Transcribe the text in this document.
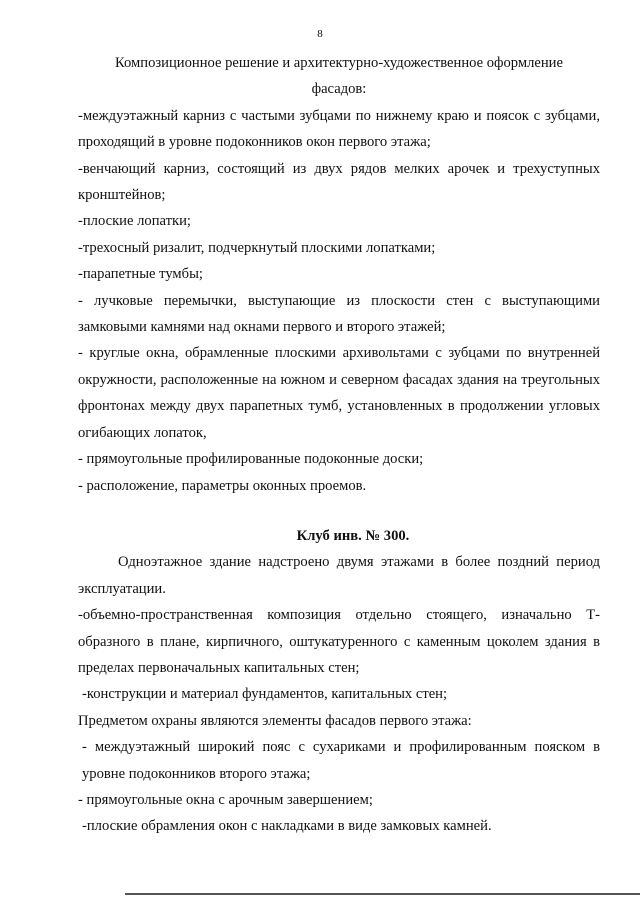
8

Композиционное решение и архитектурно-художественное оформление

фасадов:

-междуэтажный карниз с частыми зубцами по нижнему краю и поясок с зубцами, проходящий в уровне подоконников окон первого этажа;

-венчающий карниз, состоящий из двух рядов мелких арочек и трехуступных кронштейнов;

-плоские лопатки;

-трехосный ризалит, подчеркнутый плоскими лопатками;

-парапетные тумбы;

- лучковые перемычки, выступающие из плоскости стен с выступающими замковыми камнями над окнами первого и второго этажей;

- круглые окна, обрамленные плоскими архивольтами с зубцами по внутренней окружности, расположенные на южном и северном фасадах здания на треугольных фронтонах между двух парапетных тумб, установленных в продолжении угловых огибающих лопаток,

- прямоугольные профилированные подоконные доски;

- расположение, параметры оконных проемов.

Клуб инв. № 300.

Одноэтажное здание надстроено двумя этажами в более поздний период эксплуатации.

-объемно-пространственная композиция отдельно стоящего, изначально Т-образного в плане, кирпичного, оштукатуренного с каменным цоколем здания в пределах первоначальных капитальных стен;

-конструкции и материал фундаментов, капитальных стен;

Предметом охраны являются элементы фасадов первого этажа:

- междуэтажный широкий пояс с сухариками и профилированным пояском в уровне подоконников второго этажа;

- прямоугольные окна с арочным завершением;

-плоские обрамления окон с накладками в виде замковых камней.
